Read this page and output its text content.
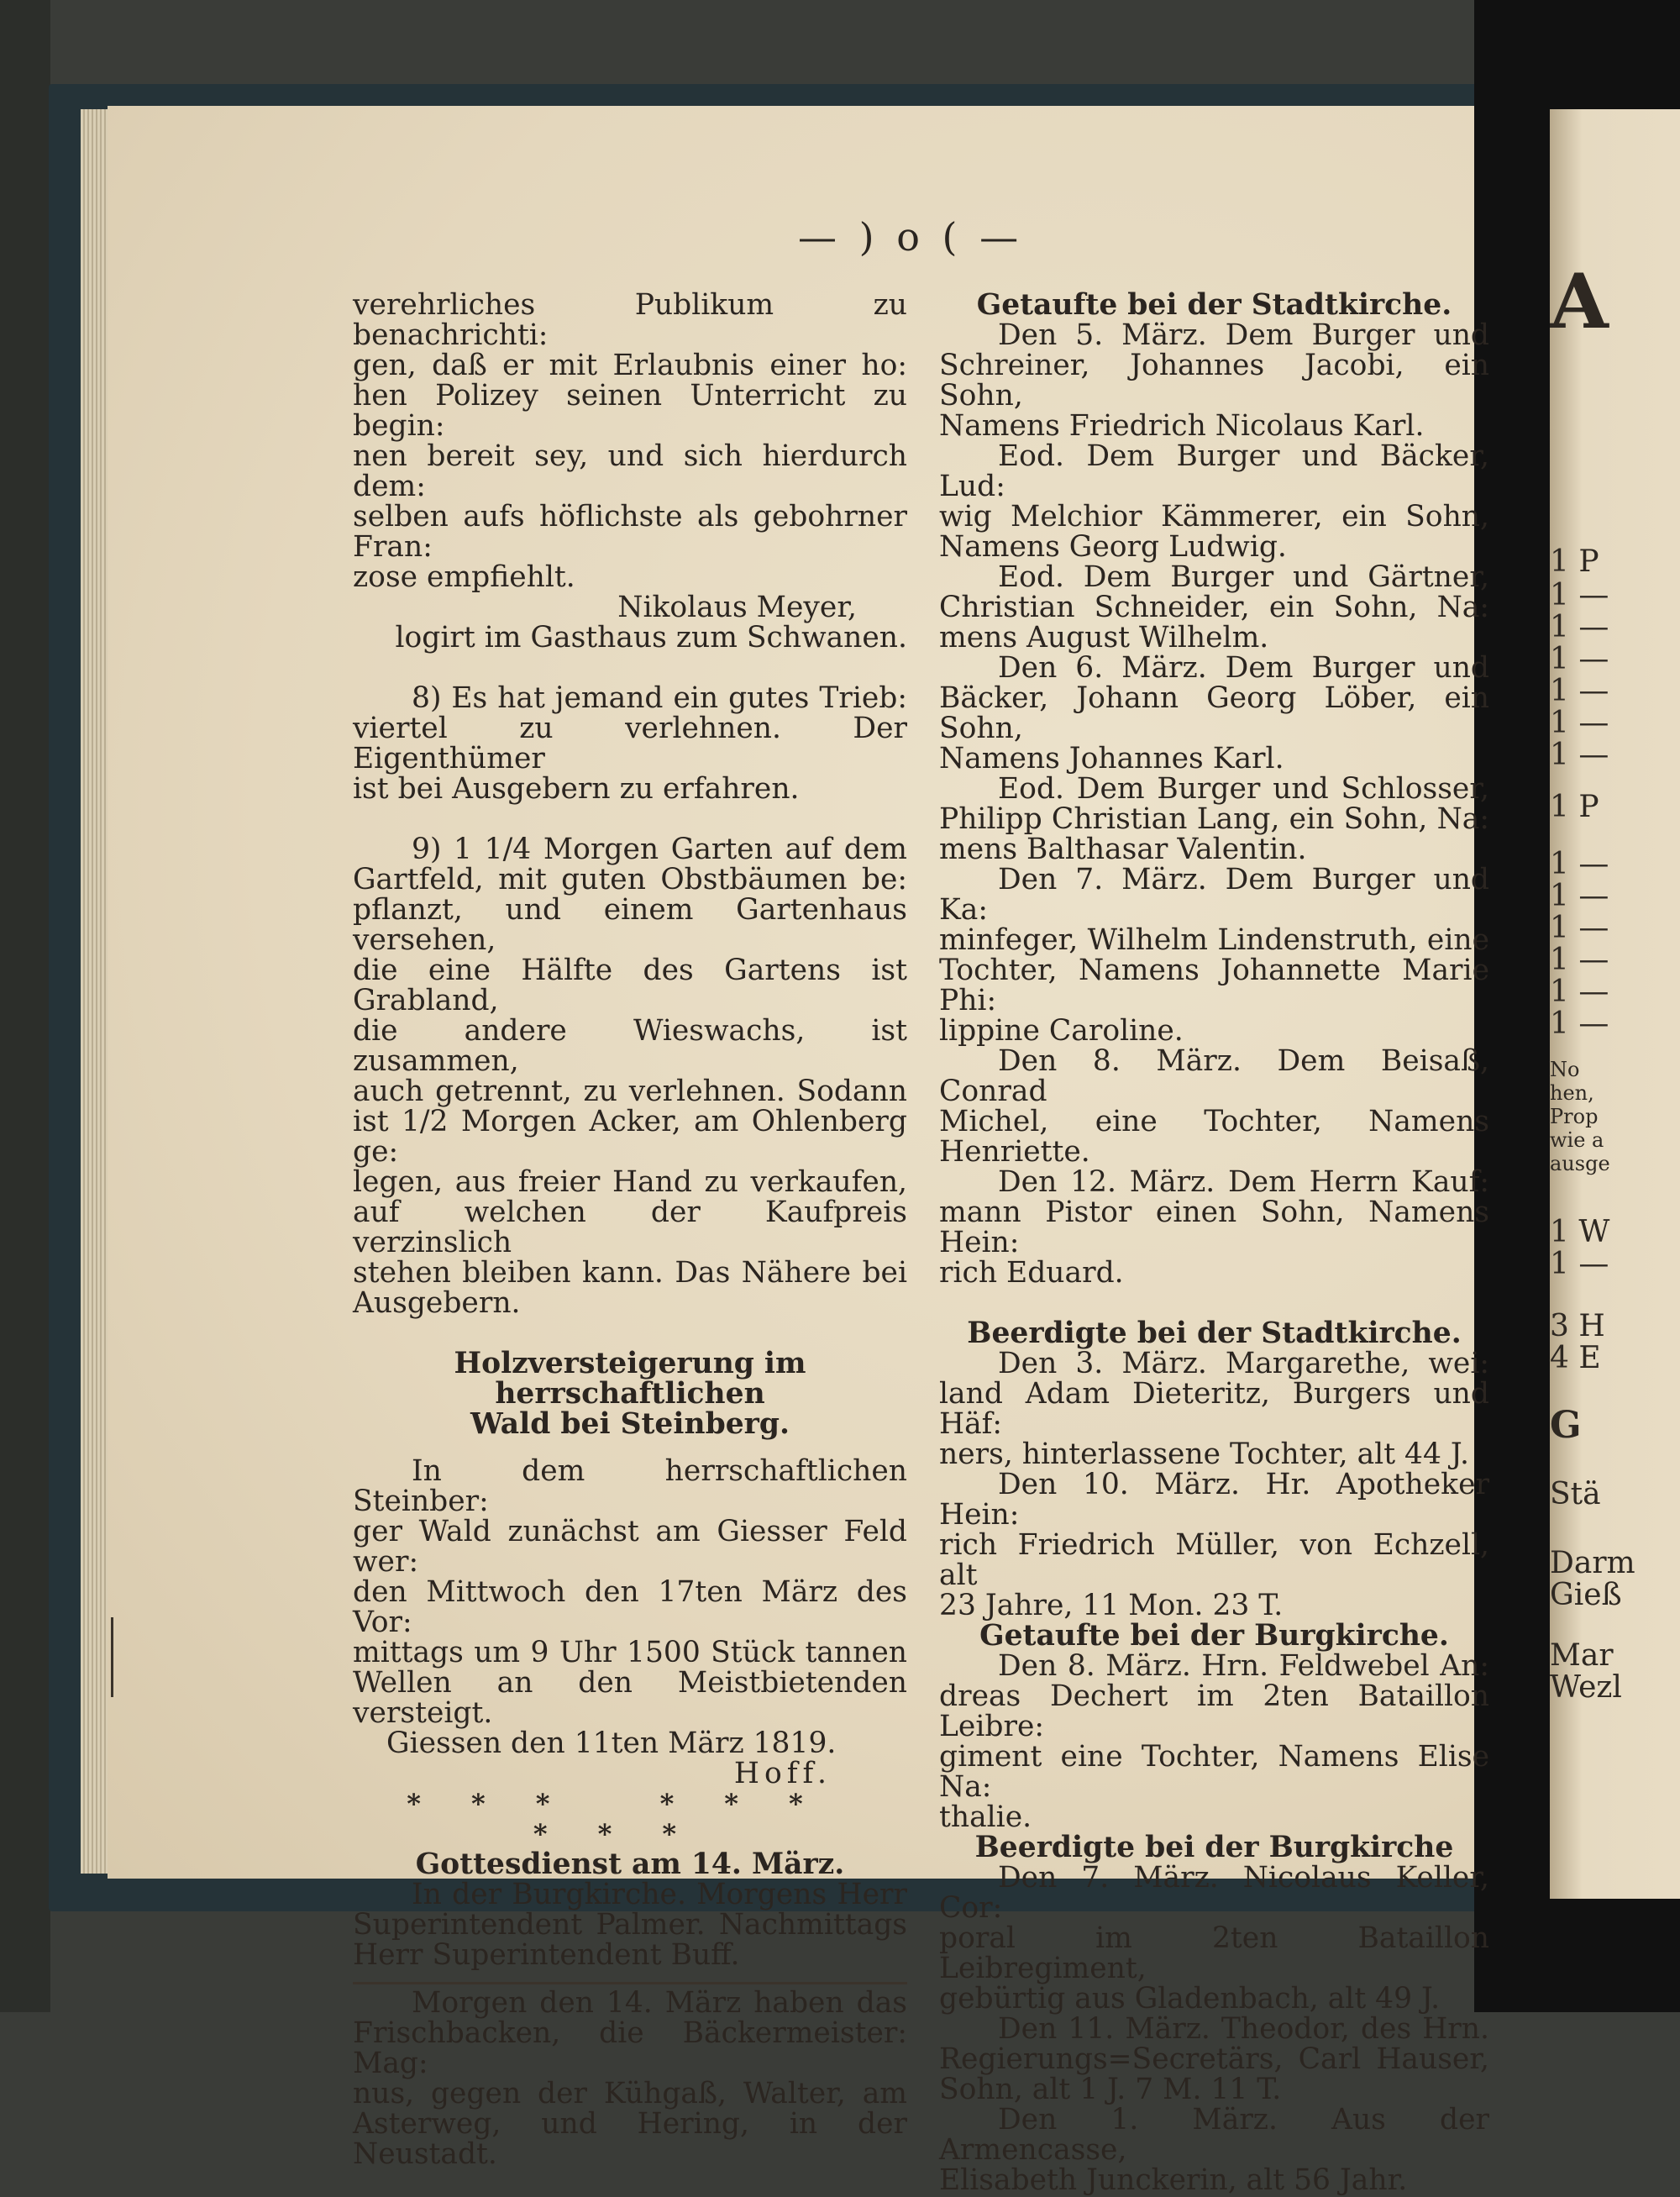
A
1 P
1 —
1 —
1 —
1 —
1 —
1 —
1 P
1 —
1 —
1 —
1 —
1 —
1 —
No
hen,
Prop
wie a
ausge
1 W
1 —
3 H
4 E
G
Stä
Darm
Gieß
Mar
Wezl
— ) o ( —

verehrliches Publikum zu benachrichti:

gen, daß er mit Erlaubnis einer ho:

hen Polizey seinen Unterricht zu begin:

nen bereit sey, und sich hierdurch dem:

selben aufs höflichste als gebohrner Fran:

zose empfiehlt.

Nikolaus Meyer,

logirt im Gasthaus zum Schwanen.

8) Es hat jemand ein gutes Trieb:

viertel zu verlehnen. Der Eigenthümer

ist bei Ausgebern zu erfahren.

9) 1 1/4 Morgen Garten auf dem

Gartfeld, mit guten Obstbäumen be:

pflanzt, und einem Gartenhaus versehen,

die eine Hälfte des Gartens ist Grabland,

die andere Wieswachs, ist zusammen,

auch getrennt, zu verlehnen. Sodann

ist 1/2 Morgen Acker, am Ohlenberg ge:

legen, aus freier Hand zu verkaufen,

auf welchen der Kaufpreis verzinslich

stehen bleiben kann. Das Nähere bei

Ausgebern.

Holzversteigerung im herrschaftlichen

Wald bei Steinberg.

In dem herrschaftlichen Steinber:

ger Wald zunächst am Giesser Feld wer:

den Mittwoch den 17ten März des Vor:

mittags um 9 Uhr 1500 Stück tannen

Wellen an den Meistbietenden versteigt.

Giessen den 11ten März 1819.

Hoff.

*** *** ***

Gottesdienst am 14. März.

In der Burgkirche. Morgens Herr

Superintendent Palmer. Nachmittags

Herr Superintendent Buff.

Morgen den 14. März haben das

Frischbacken, die Bäckermeister: Mag:

nus, gegen der Kühgaß, Walter, am

Asterweg, und Hering, in der Neustadt.

Getaufte bei der Stadtkirche.

Den 5. März. Dem Burger und

Schreiner, Johannes Jacobi, ein Sohn,

Namens Friedrich Nicolaus Karl.

Eod. Dem Burger und Bäcker, Lud:

wig Melchior Kämmerer, ein Sohn,

Namens Georg Ludwig.

Eod. Dem Burger und Gärtner,

Christian Schneider, ein Sohn, Na:

mens August Wilhelm.

Den 6. März. Dem Burger und

Bäcker, Johann Georg Löber, ein Sohn,

Namens Johannes Karl.

Eod. Dem Burger und Schlosser,

Philipp Christian Lang, ein Sohn, Na:

mens Balthasar Valentin.

Den 7. März. Dem Burger und Ka:

minfeger, Wilhelm Lindenstruth, eine

Tochter, Namens Johannette Marie Phi:

lippine Caroline.

Den 8. März. Dem Beisaß, Conrad

Michel, eine Tochter, Namens Henriette.

Den 12. März. Dem Herrn Kauf:

mann Pistor einen Sohn, Namens Hein:

rich Eduard.

Beerdigte bei der Stadtkirche.

Den 3. März. Margarethe, wei:

land Adam Dieteritz, Burgers und Häf:

ners, hinterlassene Tochter, alt 44 J.

Den 10. März. Hr. Apotheker Hein:

rich Friedrich Müller, von Echzell, alt

23 Jahre, 11 Mon. 23 T.

Getaufte bei der Burgkirche.

Den 8. März. Hrn. Feldwebel An:

dreas Dechert im 2ten Bataillon Leibre:

giment eine Tochter, Namens Elise Na:

thalie.

Beerdigte bei der Burgkirche

Den 7. März. Nicolaus Keller, Cor:

poral im 2ten Bataillon Leibregiment,

gebürtig aus Gladenbach, alt 49 J.

Den 11. März. Theodor, des Hrn.

Regierungs=Secretärs, Carl Hauser,

Sohn, alt 1 J. 7 M. 11 T.

Den 1. März. Aus der Armencasse,

Elisabeth Junckerin, alt 56 Jahr.
